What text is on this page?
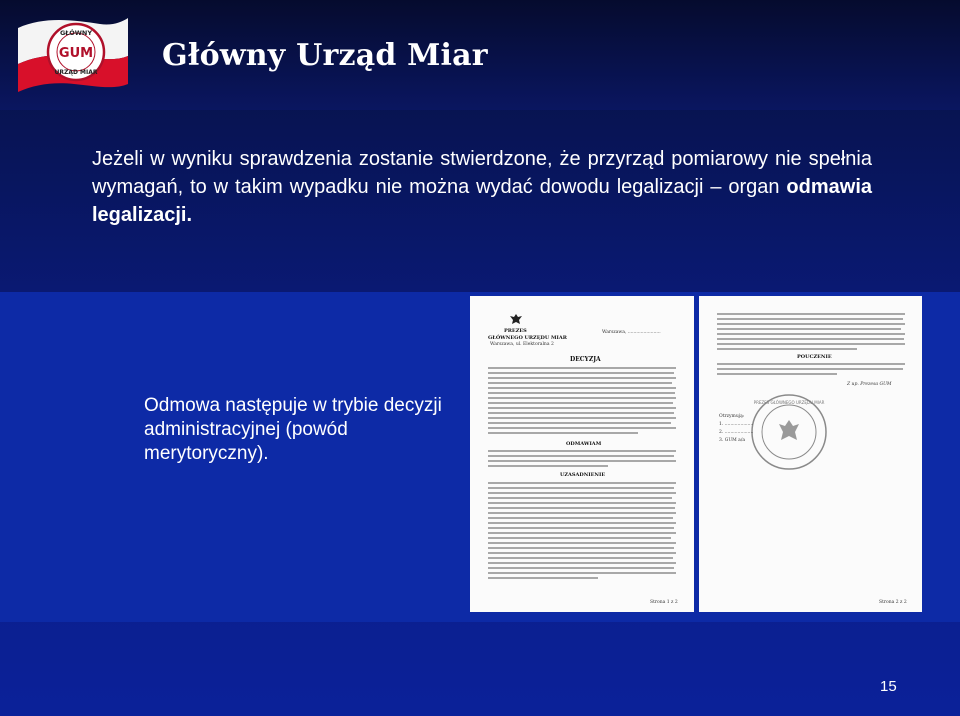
GŁÓWNY
GUM
URZĄD MIAR Główny Urząd Miar

Jeżeli w wyniku sprawdzenia zostanie stwierdzone, że przyrząd pomiarowy nie spełnia wymagań, to w takim wypadku nie można wydać dowodu legalizacji – organ odmawia legalizacji.

PREZES
GŁÓWNEGO URZĘDU MIAR
Warszawa, ul. Elektoralna 2
Warszawa, .......................
DECYZJA
ODMAWIAM
UZASADNIENIE
Strona 1 z 2
POUCZENIE
Z up. Prezesa GUM
PREZES GŁÓWNEGO URZĘDU MIAR
Otrzymują:
1. ....................
2. ....................
3. GUM a/a
Strona 2 z 2

Odmowa następuje w trybie decyzji administracyjnej (powód merytoryczny).

15
